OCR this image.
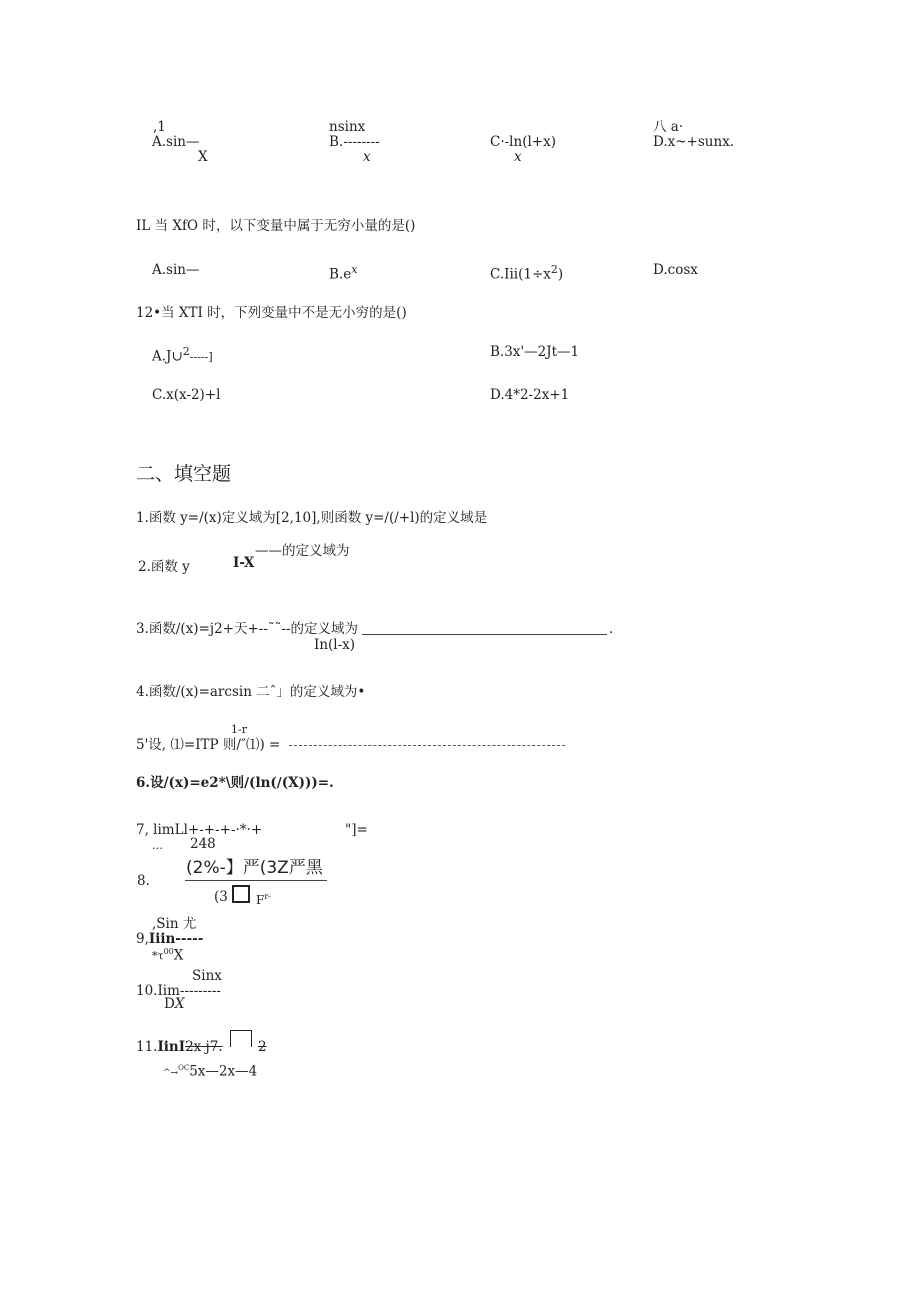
,1
A.sin—
X
nsinx
B.--------
x
C·-ln(l+x)
x
八 a·
D.x~+sunx.
IL 当 XfO 时，以下变量中属于无穷小量的是()
A.sin—	$B.e^x$	$C.Iii(1\div x^2)$	D.cosx
12•当 XTI 时，下列变量中不是无小穷的是()
A.J∪$^2$-----]	B.3x'—2Jt—1
C.x(x-2)+l	D.4*2-2x+1
二、填空题
1.函数 y=/(x)定义域为[2,10],则函数 y=/(/+l)的定义域是
——的定义域为
2.函数 y	I-X
3.函数/(x)=j2+天+--˜˜--的定义域为	.
In(l-x)
4.函数/(x)=arcsin 二ˆ」的定义域为•
1-r
5'设, ⑴=ITP 则/″⑴) =
6.设/(x)=e2*\则∕(ln(∕(X)))=.
7, limLl+-+-+-·*·+	"]=
… 248
8.
(2%-】严(3Z严黑
(3 $F^{r-}$
,Sin 尤
9,Iiin-----
$*\tau^{00}X$
Sinx
10.Iim---------
DX
11.IinI2x j7.	2
^→$^{OC}$5x—2x—4
